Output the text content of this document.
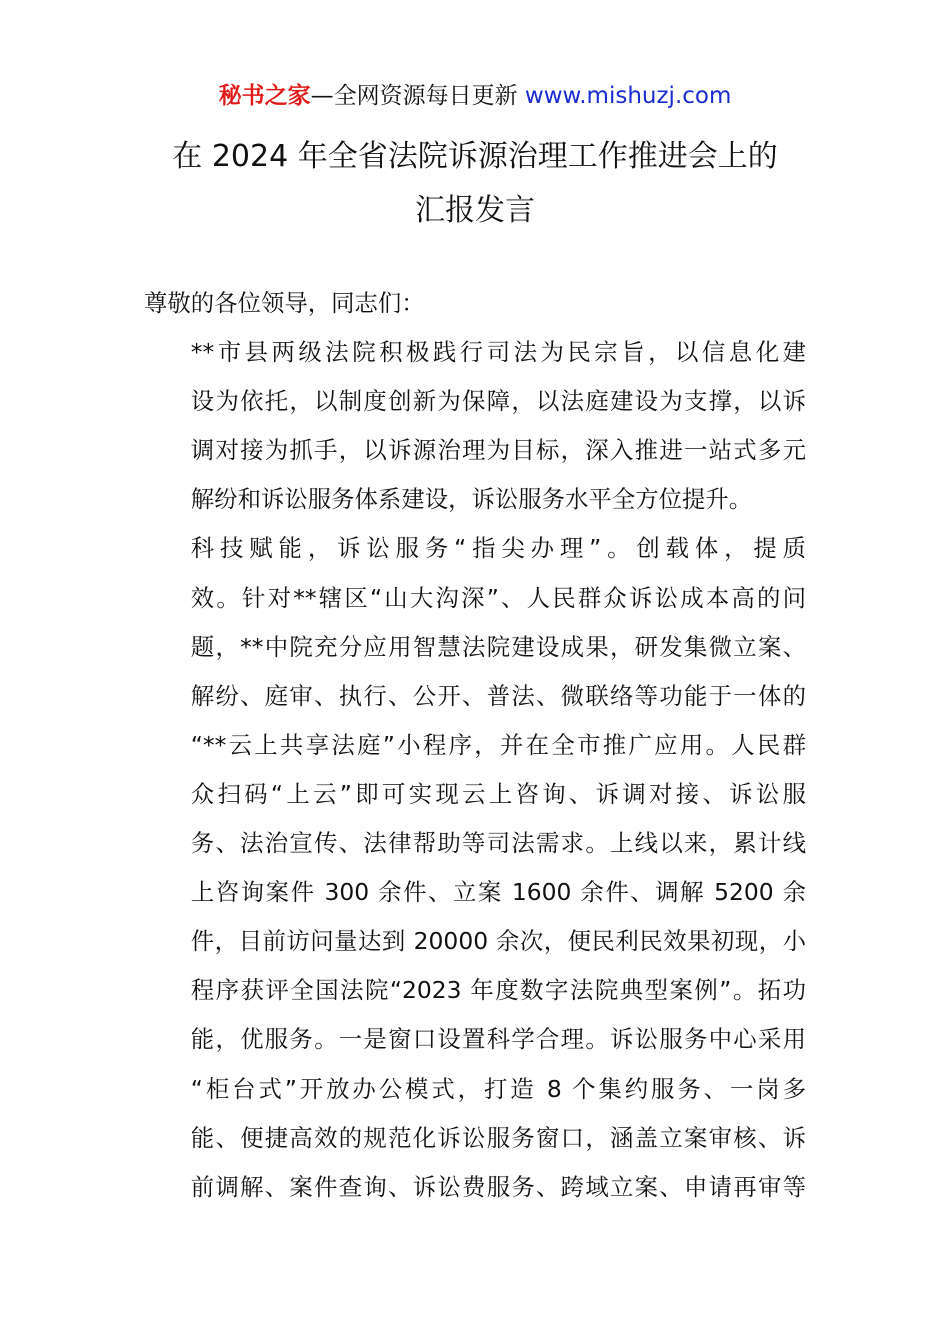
秘书之家—全网资源每日更新 www.mishuzj.com
在 2024 年全省法院诉源治理工作推进会上的
汇报发言

尊敬的各位领导，同志们：

**市县两级法院积极践行司法为民宗旨，以信息化建
设为依托，以制度创新为保障，以法庭建设为支撑，以诉
调对接为抓手，以诉源治理为目标，深入推进一站式多元
解纷和诉讼服务体系建设，诉讼服务水平全方位提升。

科技赋能，诉讼服务“指尖办理”。创载体，提质
效。针对**辖区“山大沟深”、人民群众诉讼成本高的问
题，**中院充分应用智慧法院建设成果，研发集微立案、
解纷、庭审、执行、公开、普法、微联络等功能于一体的
“**云上共享法庭”小程序，并在全市推广应用。人民群
众扫码“上云”即可实现云上咨询、诉调对接、诉讼服
务、法治宣传、法律帮助等司法需求。上线以来，累计线
上咨询案件 300 余件、立案 1600 余件、调解 5200 余
件，目前访问量达到 20000 余次，便民利民效果初现，小
程序获评全国法院“2023 年度数字法院典型案例”。拓功
能，优服务。一是窗口设置科学合理。诉讼服务中心采用
“柜台式”开放办公模式，打造 8 个集约服务、一岗多
能、便捷高效的规范化诉讼服务窗口，涵盖立案审核、诉
前调解、案件查询、诉讼费服务、跨域立案、申请再审等
